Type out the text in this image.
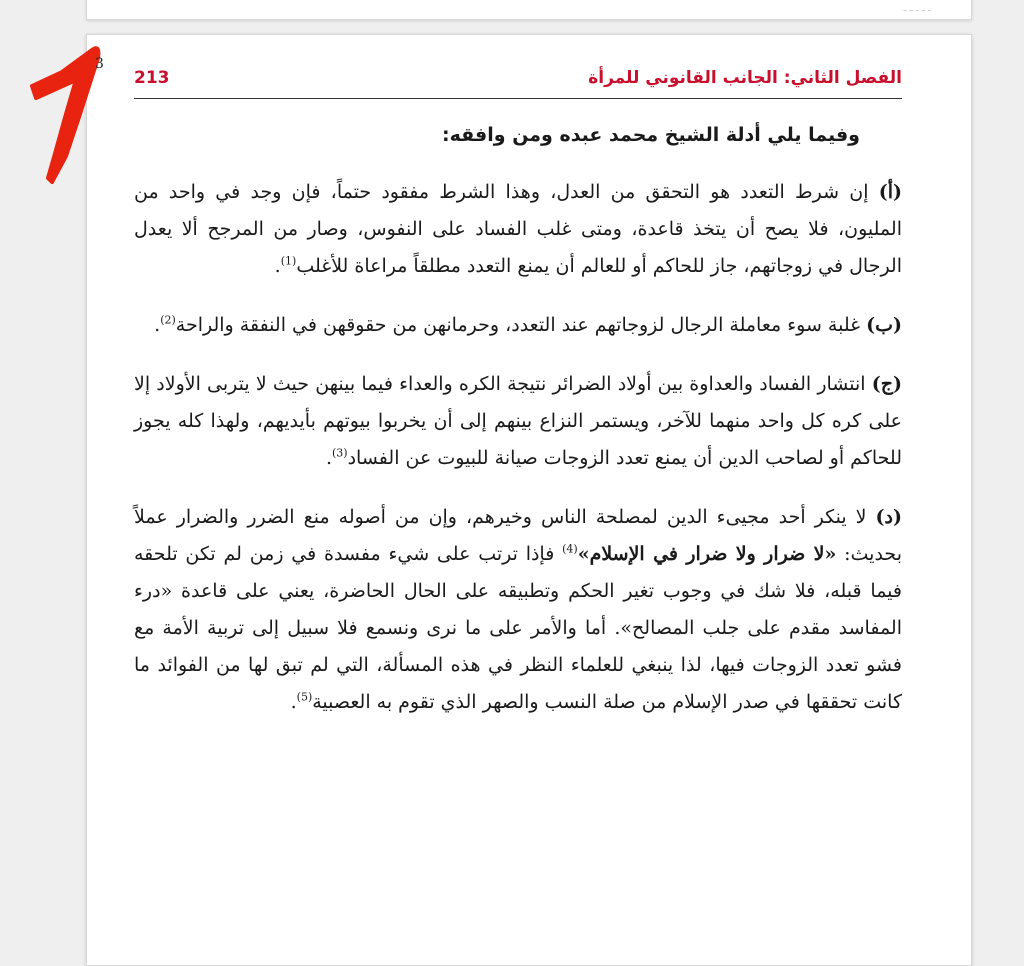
ـ ـ ـ ـ ـ
3
الفصل الثاني: الجانب القانوني للمرأة
213
وفيما يلي أدلة الشيخ محمد عبده ومن وافقه:

(أ) إن شرط التعدد هو التحقق من العدل، وهذا الشرط مفقود حتماً، فإن وجد في واحد من المليون، فلا يصح أن يتخذ قاعدة، ومتى غلب الفساد على النفوس، وصار من المرجح ألا يعدل الرجال في زوجاتهم، جاز للحاكم أو للعالم أن يمنع التعدد مطلقاً مراعاة للأغلب$^{(1)}$.

(ب) غلبة سوء معاملة الرجال لزوجاتهم عند التعدد، وحرمانهن من حقوقهن في النفقة والراحة$^{(2)}$.

(ج) انتشار الفساد والعداوة بين أولاد الضرائر نتيجة الكره والعداء فيما بينهن حيث لا يتربى الأولاد إلا على كره كل واحد منهما للآخر، ويستمر النزاع بينهم إلى أن يخربوا بيوتهم بأيديهم، ولهذا كله يجوز للحاكم أو لصاحب الدين أن يمنع تعدد الزوجات صيانة للبيوت عن الفساد$^{(3)}$.

(د) لا ينكر أحد مجيىء الدين لمصلحة الناس وخيرهم، وإن من أصوله منع الضرر والضرار عملاً بحديث: «لا ضرار ولا ضرار في الإسلام»$^{(4)}$ فإذا ترتب على شيء مفسدة في زمن لم تكن تلحقه فيما قبله، فلا شك في وجوب تغير الحكم وتطبيقه على الحال الحاضرة، يعني على قاعدة «درء المفاسد مقدم على جلب المصالح». أما والأمر على ما نرى ونسمع فلا سبيل إلى تربية الأمة مع فشو تعدد الزوجات فيها، لذا ينبغي للعلماء النظر في هذه المسألة، التي لم تبق لها من الفوائد ما كانت تحققها في صدر الإسلام من صلة النسب والصهر الذي تقوم به العصبية$^{(5)}$.
